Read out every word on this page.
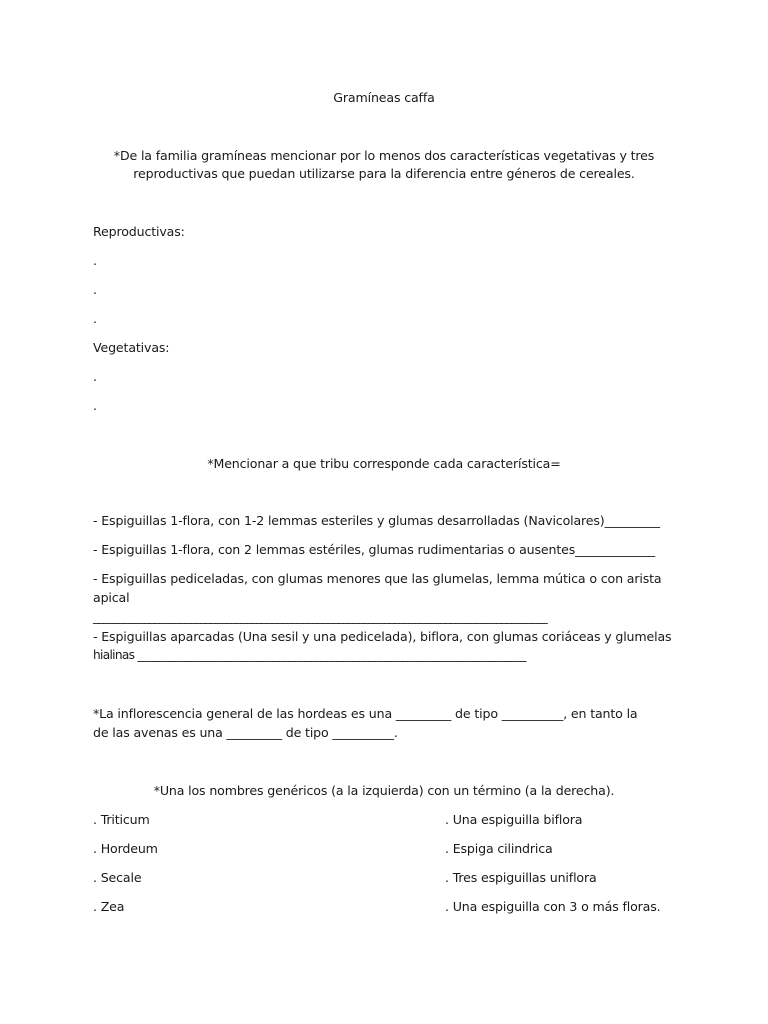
Gramíneas caffa
*De la familia gramíneas mencionar por lo menos dos características vegetativas y tres
reproductivas que puedan utilizarse para la diferencia entre géneros de cereales.
Reproductivas:
.
.
.
Vegetativas:
.
.
*Mencionar a que tribu corresponde cada característica=
- Espiguillas 1-flora, con 1-2 lemmas esteriles y glumas desarrolladas (Navicolares)_________
- Espiguillas 1-flora, con 2 lemmas estériles, glumas rudimentarias o ausentes_____________
- Espiguillas pediceladas, con glumas menores que las glumelas, lemma mútica o con arista
apical
_________________________________________________________________________________________
- Espiguillas aparcadas (Una sesil y una pedicelada), biflora, con glumas coriáceas y glumelas
hialinas ________________________________________________________________________
*La inflorescencia general de las hordeas es una _________ de tipo __________, en tanto la
de las avenas es una _________ de tipo __________.
*Una los nombres genéricos (a la izquierda) con un término (a la derecha).
. Triticum
. Hordeum
. Secale
. Zea
. Una espiguilla biflora
. Espiga cilindrica
. Tres espiguillas uniflora
. Una espiguilla con 3 o más floras.
